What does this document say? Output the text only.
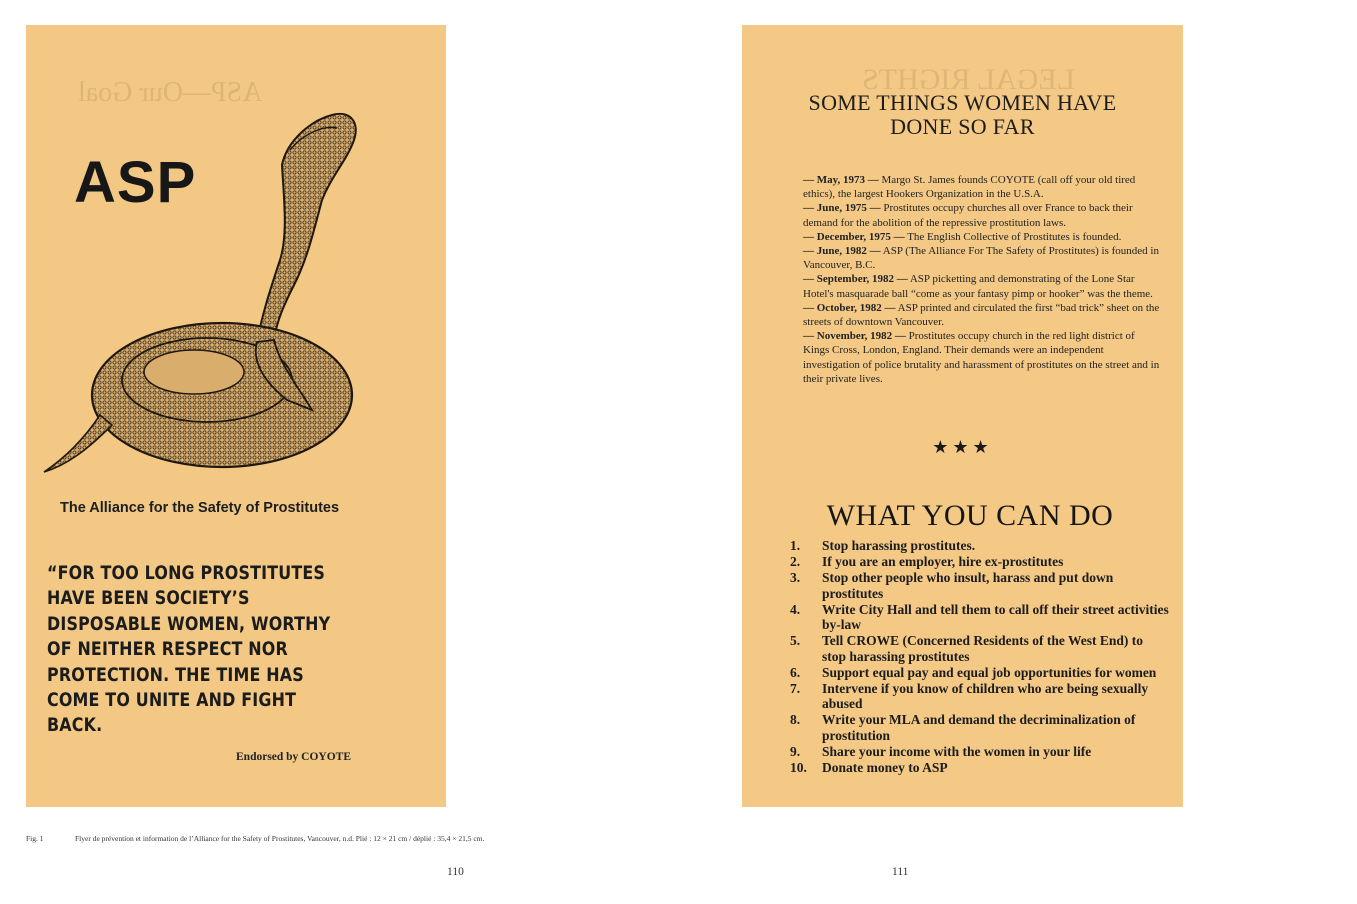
ASP—Our Goal
ASP
The Alliance for the Safety of Prostitutes
“FOR TOO LONG PROSTITUTES HAVE BEEN SOCIETY’S DISPOSABLE WOMEN, WORTHY OF NEITHER RESPECT NOR PROTECTION. THE TIME HAS COME TO UNITE AND FIGHT BACK.
Endorsed by COYOTE
LEGAL RIGHTS
SOME THINGS WOMEN HAVE
DONE SO FAR

— May, 1973 — Margo St. James founds COYOTE (call off your old tired ethics), the largest Hookers Organization in the U.S.A.

— June, 1975 — Prostitutes occupy churches all over France to back their demand for the abolition of the repressive prostitution laws.

— December, 1975 — The English Collective of Prostitutes is founded.

— June, 1982 — ASP (The Alliance For The Safety of Prostitutes) is founded in Vancouver, B.C.

— September, 1982 — ASP picketting and demonstrating of the Lone Star Hotel's masquarade ball “come as your fantasy pimp or hooker” was the theme.

— October, 1982 — ASP printed and circulated the first “bad trick” sheet on the streets of downtown Vancouver.

— November, 1982 — Prostitutes occupy church in the red light district of Kings Cross, London, England. Their demands were an independent investigation of police brutality and harassment of prostitutes on the street and in their private lives.

★★★
WHAT YOU CAN DO
1. Stop harassing prostitutes.
2. If you are an employer, hire ex-prostitutes
3. Stop other people who insult, harass and put down prostitutes
4. Write City Hall and tell them to call off their street activities by-law
5. Tell CROWE (Concerned Residents of the West End) to stop harassing prostitutes
6. Support equal pay and equal job opportunities for women
7. Intervene if you know of children who are being sexually abused
8. Write your MLA and demand the decriminalization of prostitution
9. Share your income with the women in your life
10. Donate money to ASP
Fig. 1	Flyer de prévention et information de l’Alliance for the Safety of Prostitutes, Vancouver, n.d. Plié : 12 × 21 cm / déplié : 35,4 × 21,5 cm.
110	111
